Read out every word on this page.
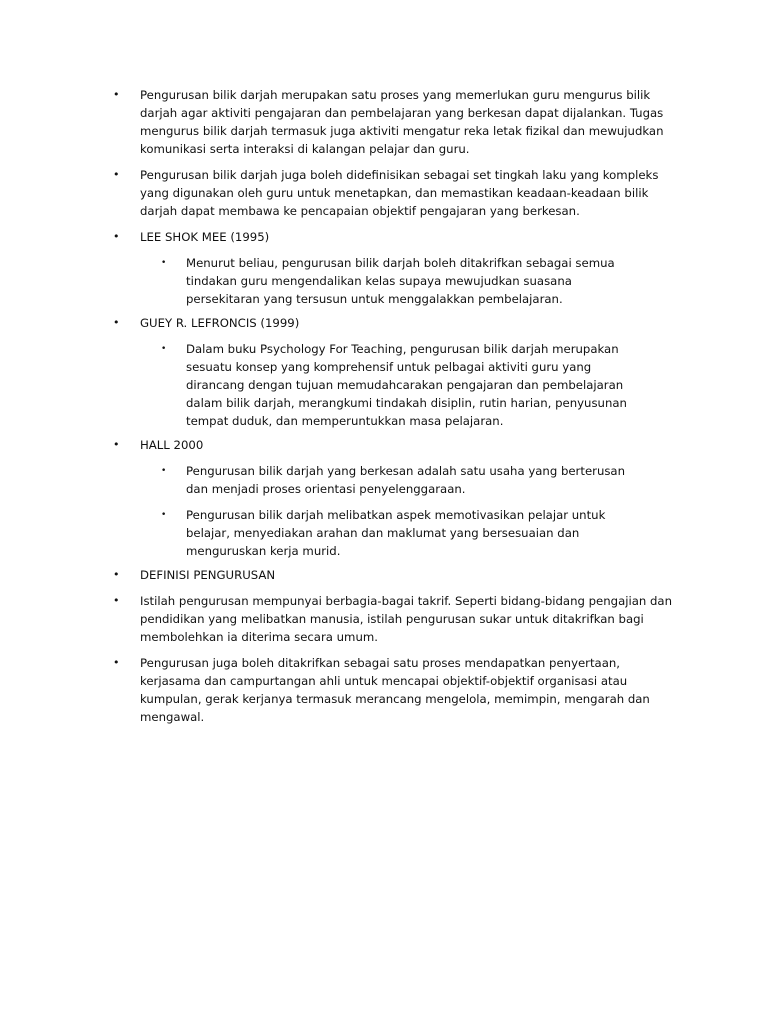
• Pengurusan bilik darjah merupakan satu proses yang memerlukan guru mengurus bilik darjah agar aktiviti pengajaran dan pembelajaran yang berkesan dapat dijalankan. Tugas mengurus bilik darjah termasuk juga aktiviti mengatur reka letak fizikal dan mewujudkan komunikasi serta interaksi di kalangan pelajar dan guru.
• Pengurusan bilik darjah juga boleh didefinisikan sebagai set tingkah laku yang kompleks yang digunakan oleh guru untuk menetapkan, dan memastikan keadaan-keadaan bilik darjah dapat membawa ke pencapaian objektif pengajaran yang berkesan.
• LEE SHOK MEE (1995)
• Menurut beliau, pengurusan bilik darjah boleh ditakrifkan sebagai semua tindakan guru mengendalikan kelas supaya mewujudkan suasana persekitaran yang tersusun untuk menggalakkan pembelajaran.
• GUEY R. LEFRONCIS (1999)
• Dalam buku Psychology For Teaching, pengurusan bilik darjah merupakan sesuatu konsep yang komprehensif untuk pelbagai aktiviti guru yang dirancang dengan tujuan memudahcarakan pengajaran dan pembelajaran dalam bilik darjah, merangkumi tindakah disiplin, rutin harian, penyusunan tempat duduk, dan memperuntukkan masa pelajaran.
• HALL 2000
• Pengurusan bilik darjah yang berkesan adalah satu usaha yang berterusan dan menjadi proses orientasi penyelenggaraan.
• Pengurusan bilik darjah melibatkan aspek memotivasikan pelajar untuk belajar, menyediakan arahan dan maklumat yang bersesuaian dan menguruskan kerja murid.
• DEFINISI PENGURUSAN
• Istilah pengurusan mempunyai berbagia-bagai takrif. Seperti bidang-bidang pengajian dan pendidikan yang melibatkan manusia, istilah pengurusan sukar untuk ditakrifkan bagi membolehkan ia diterima secara umum.
• Pengurusan juga boleh ditakrifkan sebagai satu proses mendapatkan penyertaan, kerjasama dan campurtangan ahli untuk mencapai objektif-objektif organisasi atau kumpulan, gerak kerjanya termasuk merancang mengelola, memimpin, mengarah dan mengawal.
